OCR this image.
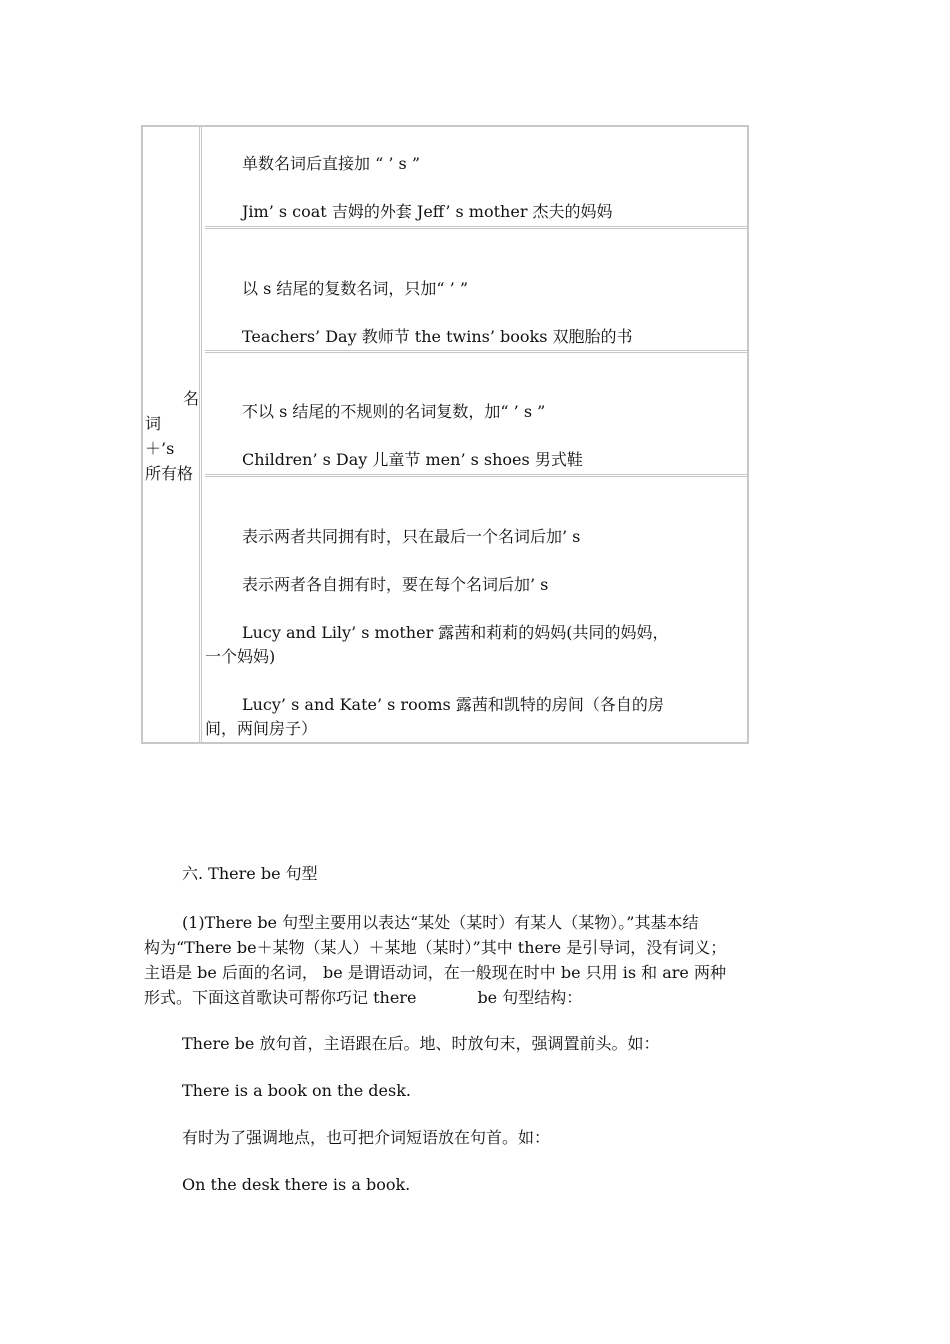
名
词
＋’s
所有格
单数名词后直接加 “ ’ s ”
Jim’ s coat 吉姆的外套 Jeff’ s mother 杰夫的妈妈
以 s 结尾的复数名词，只加“ ’ ”
Teachers’ Day 教师节 the twins’ books 双胞胎的书
不以 s 结尾的不规则的名词复数，加“ ’ s ”
Children’ s Day 儿童节 men’ s shoes 男式鞋
表示两者共同拥有时，只在最后一个名词后加’ s
表示两者各自拥有时，要在每个名词后加’ s
Lucy and Lily’ s mother 露茜和莉莉的妈妈(共同的妈妈，
一个妈妈)
Lucy’ s and Kate’ s rooms 露茜和凯特的房间（各自的房
间，两间房子）
六. There be 句型
(1)There be 句型主要用以表达“某处（某时）有某人（某物）。”其基本结
构为“There be＋某物（某人）＋某地（某时）”其中 there 是引导词，没有词义；
主语是 be 后面的名词， be 是谓语动词，在一般现在时中 be 只用 is 和 are 两种
形式。下面这首歌诀可帮你巧记 there            be 句型结构：
There be 放句首，主语跟在后。地、时放句末，强调置前头。如：
There is a book on the desk.
有时为了强调地点，也可把介词短语放在句首。如：
On the desk there is a book.
